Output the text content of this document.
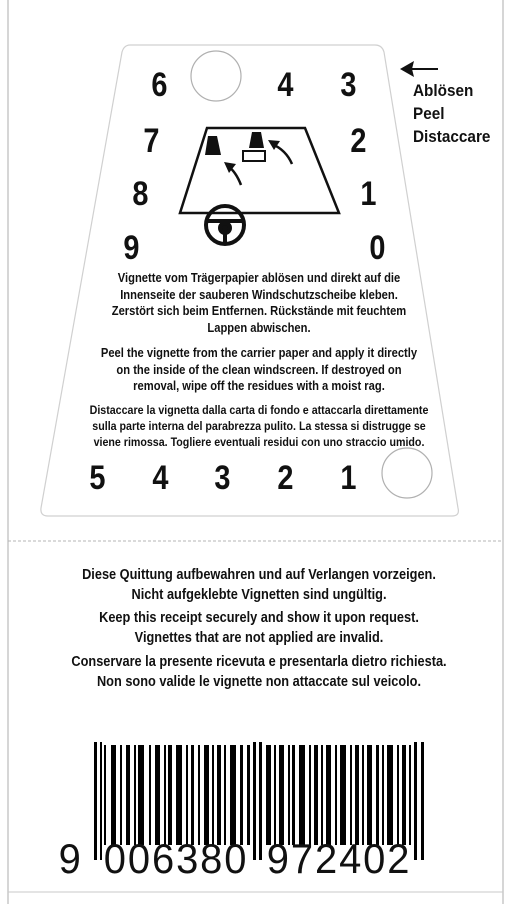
Ablösen
Peel
Distaccare
6	4 3
7	2
8	1
9	0
Vignette vom Trägerpapier ablösen und direkt auf die
Innenseite der sauberen Windschutzscheibe kleben.
Zerstört sich beim Entfernen. Rückstände mit feuchtem
Lappen abwischen.
Peel the vignette from the carrier paper and apply it directly
on the inside of the clean windscreen. If destroyed on
removal, wipe off the residues with a moist rag.
Distaccare la vignetta dalla carta di fondo e attaccarla direttamente
sulla parte interna del parabrezza pulito. La stessa si distrugge se
viene rimossa. Togliere eventuali residui con uno straccio umido.
5 4 3 2 1
Diese Quittung aufbewahren und auf Verlangen vorzeigen.
Nicht aufgeklebte Vignetten sind ungültig.
Keep this receipt securely and show it upon request.
Vignettes that are not applied are invalid.
Conservare la presente ricevuta e presentarla dietro richiesta.
Non sono valide le vignette non attaccate sul veicolo.
9 006380 972402
